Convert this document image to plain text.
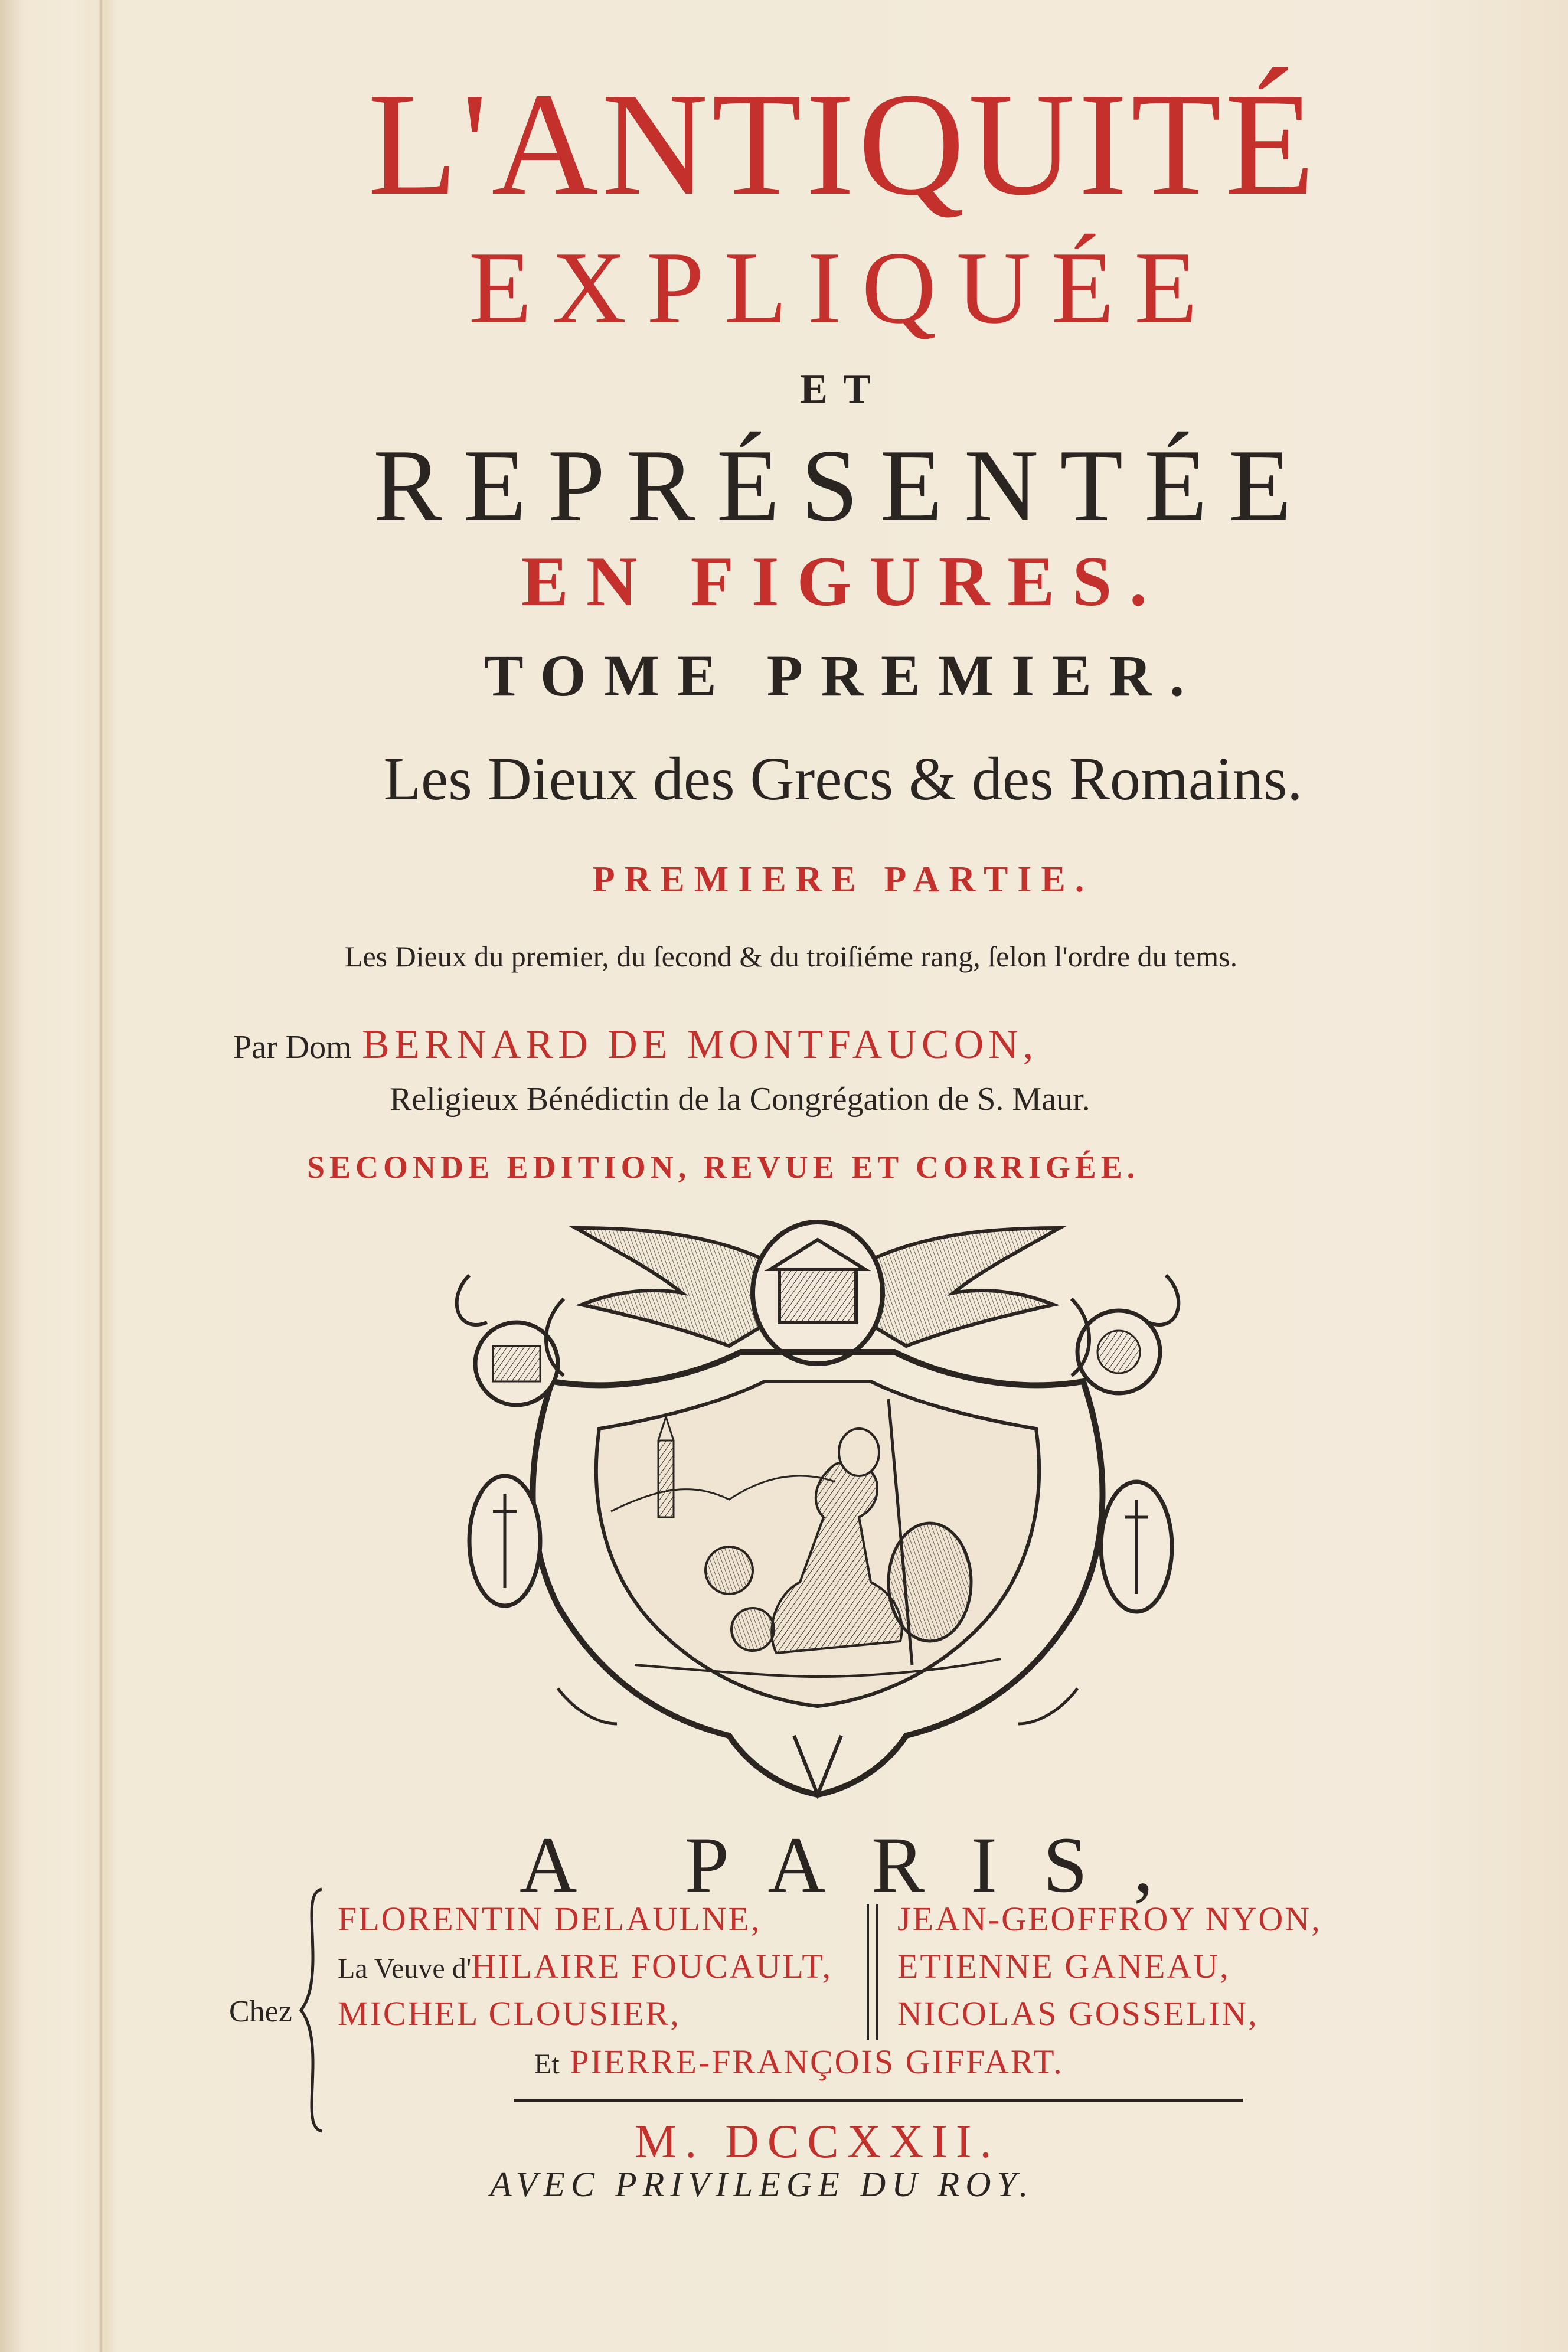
L'ANTIQUITÉ

EXPLIQUÉE

ET

REPRÉSENTÉE

EN FIGURES.

TOME PREMIER.

Les Dieux des Grecs & des Romains.

PREMIERE PARTIE.

Les Dieux du premier, du ſecond & du troiſiéme rang, ſelon l'ordre du tems.

Par Dom BERNARD DE MONTFAUCON,

Religieux Bénédictin de la Congrégation de S. Maur.

SECONDE EDITION, REVUE ET CORRIGÉE.

A PARIS,

Chez
FLORENTIN DELAULNE,
La Veuve d'HILAIRE FOUCAULT,
MICHEL CLOUSIER,
JEAN-GEOFFROY NYON,
ETIENNE GANEAU,
NICOLAS GOSSELIN,
Et PIERRE-FRANÇOIS GIFFART.

M. DCCXXII.

AVEC PRIVILEGE DU ROY.
